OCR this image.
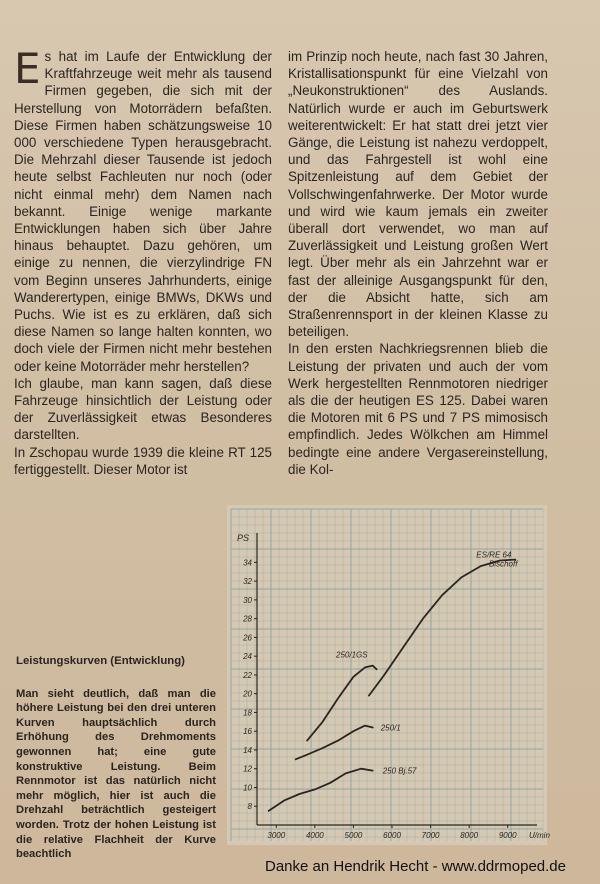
E s hat im Laufe der Entwicklung der Kraftfahrzeuge weit mehr als tausend Firmen gegeben, die sich mit der Herstellung von Motorrädern befaßten. Diese Firmen haben schätzungsweise 10 000 verschiedene Typen herausgebracht. Die Mehrzahl dieser Tausende ist jedoch heute selbst Fachleuten nur noch (oder nicht einmal mehr) dem Namen nach bekannt. Einige wenige markante Entwicklungen haben sich über Jahre hinaus behauptet. Dazu gehören, um einige zu nennen, die vierzylindrige FN vom Beginn unseres Jahrhunderts, einige Wanderertypen, einige BMWs, DKWs und Puchs. Wie ist es zu erklären, daß sich diese Namen so lange halten konnten, wo doch viele der Firmen nicht mehr bestehen oder keine Motorräder mehr herstellen?

Ich glaube, man kann sagen, daß diese Fahrzeuge hinsichtlich der Leistung oder der Zuverlässigkeit etwas Besonderes darstellten.

In Zschopau wurde 1939 die kleine RT 125 fertiggestellt. Dieser Motor ist

im Prinzip noch heute, nach fast 30 Jahren, Kristallisationspunkt für eine Vielzahl von „Neukonstruktionen“ des Auslands. Natürlich wurde er auch im Geburtswerk weiterentwickelt: Er hat statt drei jetzt vier Gänge, die Leistung ist nahezu verdoppelt, und das Fahrgestell ist wohl eine Spitzenleistung auf dem Gebiet der Vollschwingenfahrwerke. Der Motor wurde und wird wie kaum jemals ein zweiter überall dort verwendet, wo man auf Zuverlässigkeit und Leistung großen Wert legt. Über mehr als ein Jahrzehnt war er fast der alleinige Ausgangspunkt für den, der die Absicht hatte, sich am Straßenrennsport in der kleinen Klasse zu beteiligen.

In den ersten Nachkriegsrennen blieb die Leistung der privaten und auch der vom Werk hergestellten Rennmotoren niedriger als die der heutigen ES 125. Dabei waren die Motoren mit 6 PS und 7 PS mimosisch empfindlich. Jedes Wölkchen am Himmel bedingte eine andere Vergasereinstellung, die Kol-

Leistungskurven (Entwicklung)

Man sieht deutlich, daß man die höhere Leistung bei den drei unteren Kurven hauptsächlich durch Erhöhung des Drehmoments gewonnen hat; eine gute konstruktive Leistung. Beim Rennmotor ist das natürlich nicht mehr möglich, hier ist auch die Drehzahl beträchtlich gesteigert worden. Trotz der hohen Leistung ist die relative Flachheit der Kurve beachtlich

8
10
12
14
16
18
20
22
24
26
28
30
32
34
PS
3000	4000	5000	6000	7000	8000	9000 U/min
ES/RE 64
Bischoff
250/1GS
250/1
250 Bj.57
Danke an Hendrik Hecht - www.ddrmoped.de
